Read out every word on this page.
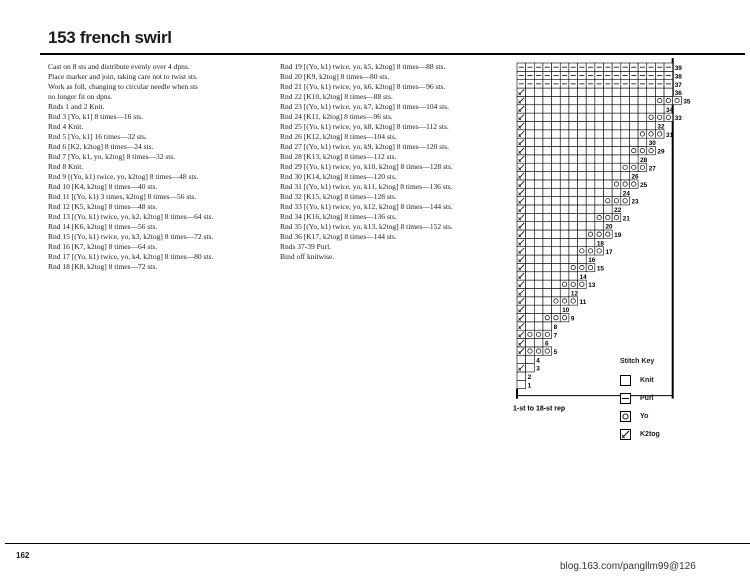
153 french swirl
Cast on 8 sts and distribute evenly over 4 dpns.
Place marker and join, taking care not to twist sts.
Work as foll, changing to circular needle when sts
no longer fit on dpns.
Rnds 1 and 2 Knit.
Rnd 3 [Yo, k1] 8 times—16 sts.
Rnd 4 Knit.
Rnd 5 [Yo, k1] 16 times—32 sts.
Rnd 6 [K2, k2tog] 8 times—24 sts.
Rnd 7 [Yo, k1, yo, k2tog] 8 times—32 sts.
Rnd 8 Knit.
Rnd 9 [(Yo, k1) twice, yo, k2tog] 8 times—48 sts.
Rnd 10 [K4, k2tog] 8 times—40 sts.
Rnd 11 [(Yo, k1) 3 times, k2tog] 8 times—56 sts.
Rnd 12 [K5, k2tog] 8 times—48 sts.
Rnd 13 [(Yo, k1) twice, yo, k2, k2tog] 8 times—64 sts.
Rnd 14 [K6, k2tog] 8 times—56 sts.
Rnd 15 [(Yo, k1) twice, yo, k3, k2tog] 8 times—72 sts.
Rnd 16 [K7, k2tog] 8 times—64 sts.
Rnd 17 [(Yo, k1) twice, yo, k4, k2tog] 8 times—80 sts.
Rnd 18 [K8, k2tog] 8 times—72 sts.
Rnd 19 [(Yo, k1) twice, yo, k5, k2tog] 8 times—88 sts.
Rnd 20 [K9, k2tog] 8 times—80 sts.
Rnd 21 [(Yo, k1) twice, yo, k6, k2tog] 8 times—96 sts.
Rnd 22 [K10, k2tog] 8 times—88 sts.
Rnd 23 [(Yo, k1) twice, yo, k7, k2tog] 8 times—104 sts.
Rnd 24 [K11, k2tog] 8 times—96 sts.
Rnd 25 [(Yo, k1) twice, yo, k8, k2tog] 8 times—112 sts.
Rnd 26 [K12, k2tog] 8 times—104 sts.
Rnd 27 [(Yo, k1) twice, yo, k9, k2tog] 8 times—120 sts.
Rnd 28 [K13, k2tog] 8 times—112 sts.
Rnd 29 [(Yo, k1) twice, yo, k10, k2tog] 8 times—128 sts.
Rnd 30 [K14, k2tog] 8 times—120 sts.
Rnd 31 [(Yo, k1) twice, yo, k11, k2tog] 8 times—136 sts.
Rnd 32 [K15, k2tog] 8 times—128 sts.
Rnd 33 [(Yo, k1) twice, yo, k12, k2tog] 8 times—144 sts.
Rnd 34 [K16, k2tog] 8 times—136 sts.
Rnd 35 [(Yo, k1) twice, yo, k13, k2tog] 8 times—152 sts.
Rnd 36 [K17, k2tog] 8 times—144 sts.
Rnds 37-39 Purl.
Bind off knitwise.
1
2
3
4
5
6
7
8
9
10
11
12
13
14
15
16
17
18
19
20
21
22
23
24
25
26
27
28
29
30
31
32
33
34
35
36
37
38
39
1-st to 18-st rep
Stitch Key
Knit
Purl
Yo
K2tog
162
blog.163.com/pangllm99@126
